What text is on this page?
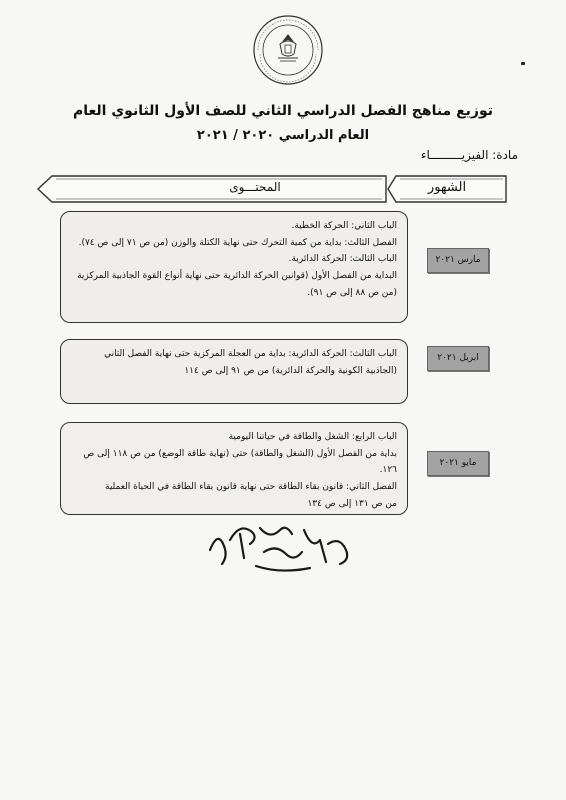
توزيع مناهج الفصل الدراسي الثاني للصف الأول الثانوي العام
العام الدراسي ٢٠٢٠ / ٢٠٢١
مادة: الفيزيـــــــــاء
الشهور
المحتـــوى

الباب الثاني: الحركة الخطية.

الفصل الثالث: بداية من كمية التحرك حتى نهاية الكتلة والوزن (من ص ٧١ إلى ص ٧٤).

الباب الثالث: الحركة الدائرية.

البداية من الفصل الأول (قوانين الحركة الدائرية حتى نهاية أنواع القوة الجاذبية المركزية (من ص ٨٨ إلى ص ٩١).

مارس ٢٠٢١

الباب الثالث: الحركة الدائرية: بداية من العجلة المركزية حتى نهاية الفصل الثاني (الجاذبية الكونية والحركة الدائرية) من ص ٩١ إلى ص ١١٤

ابريل ٢٠٢١

الباب الرابع: الشغل والطاقة في حياتنا اليومية

بداية من الفصل الأول (الشغل والطاقة) حتى (نهاية طاقة الوضع) من ص ١١٨ إلى ص ١٢٦.

الفصل الثاني: قانون بقاء الطاقة حتى نهاية قانون بقاء الطاقة في الحياة العملية

من ص ١٣١ إلى ص ١٣٤

مايو ٢٠٢١
